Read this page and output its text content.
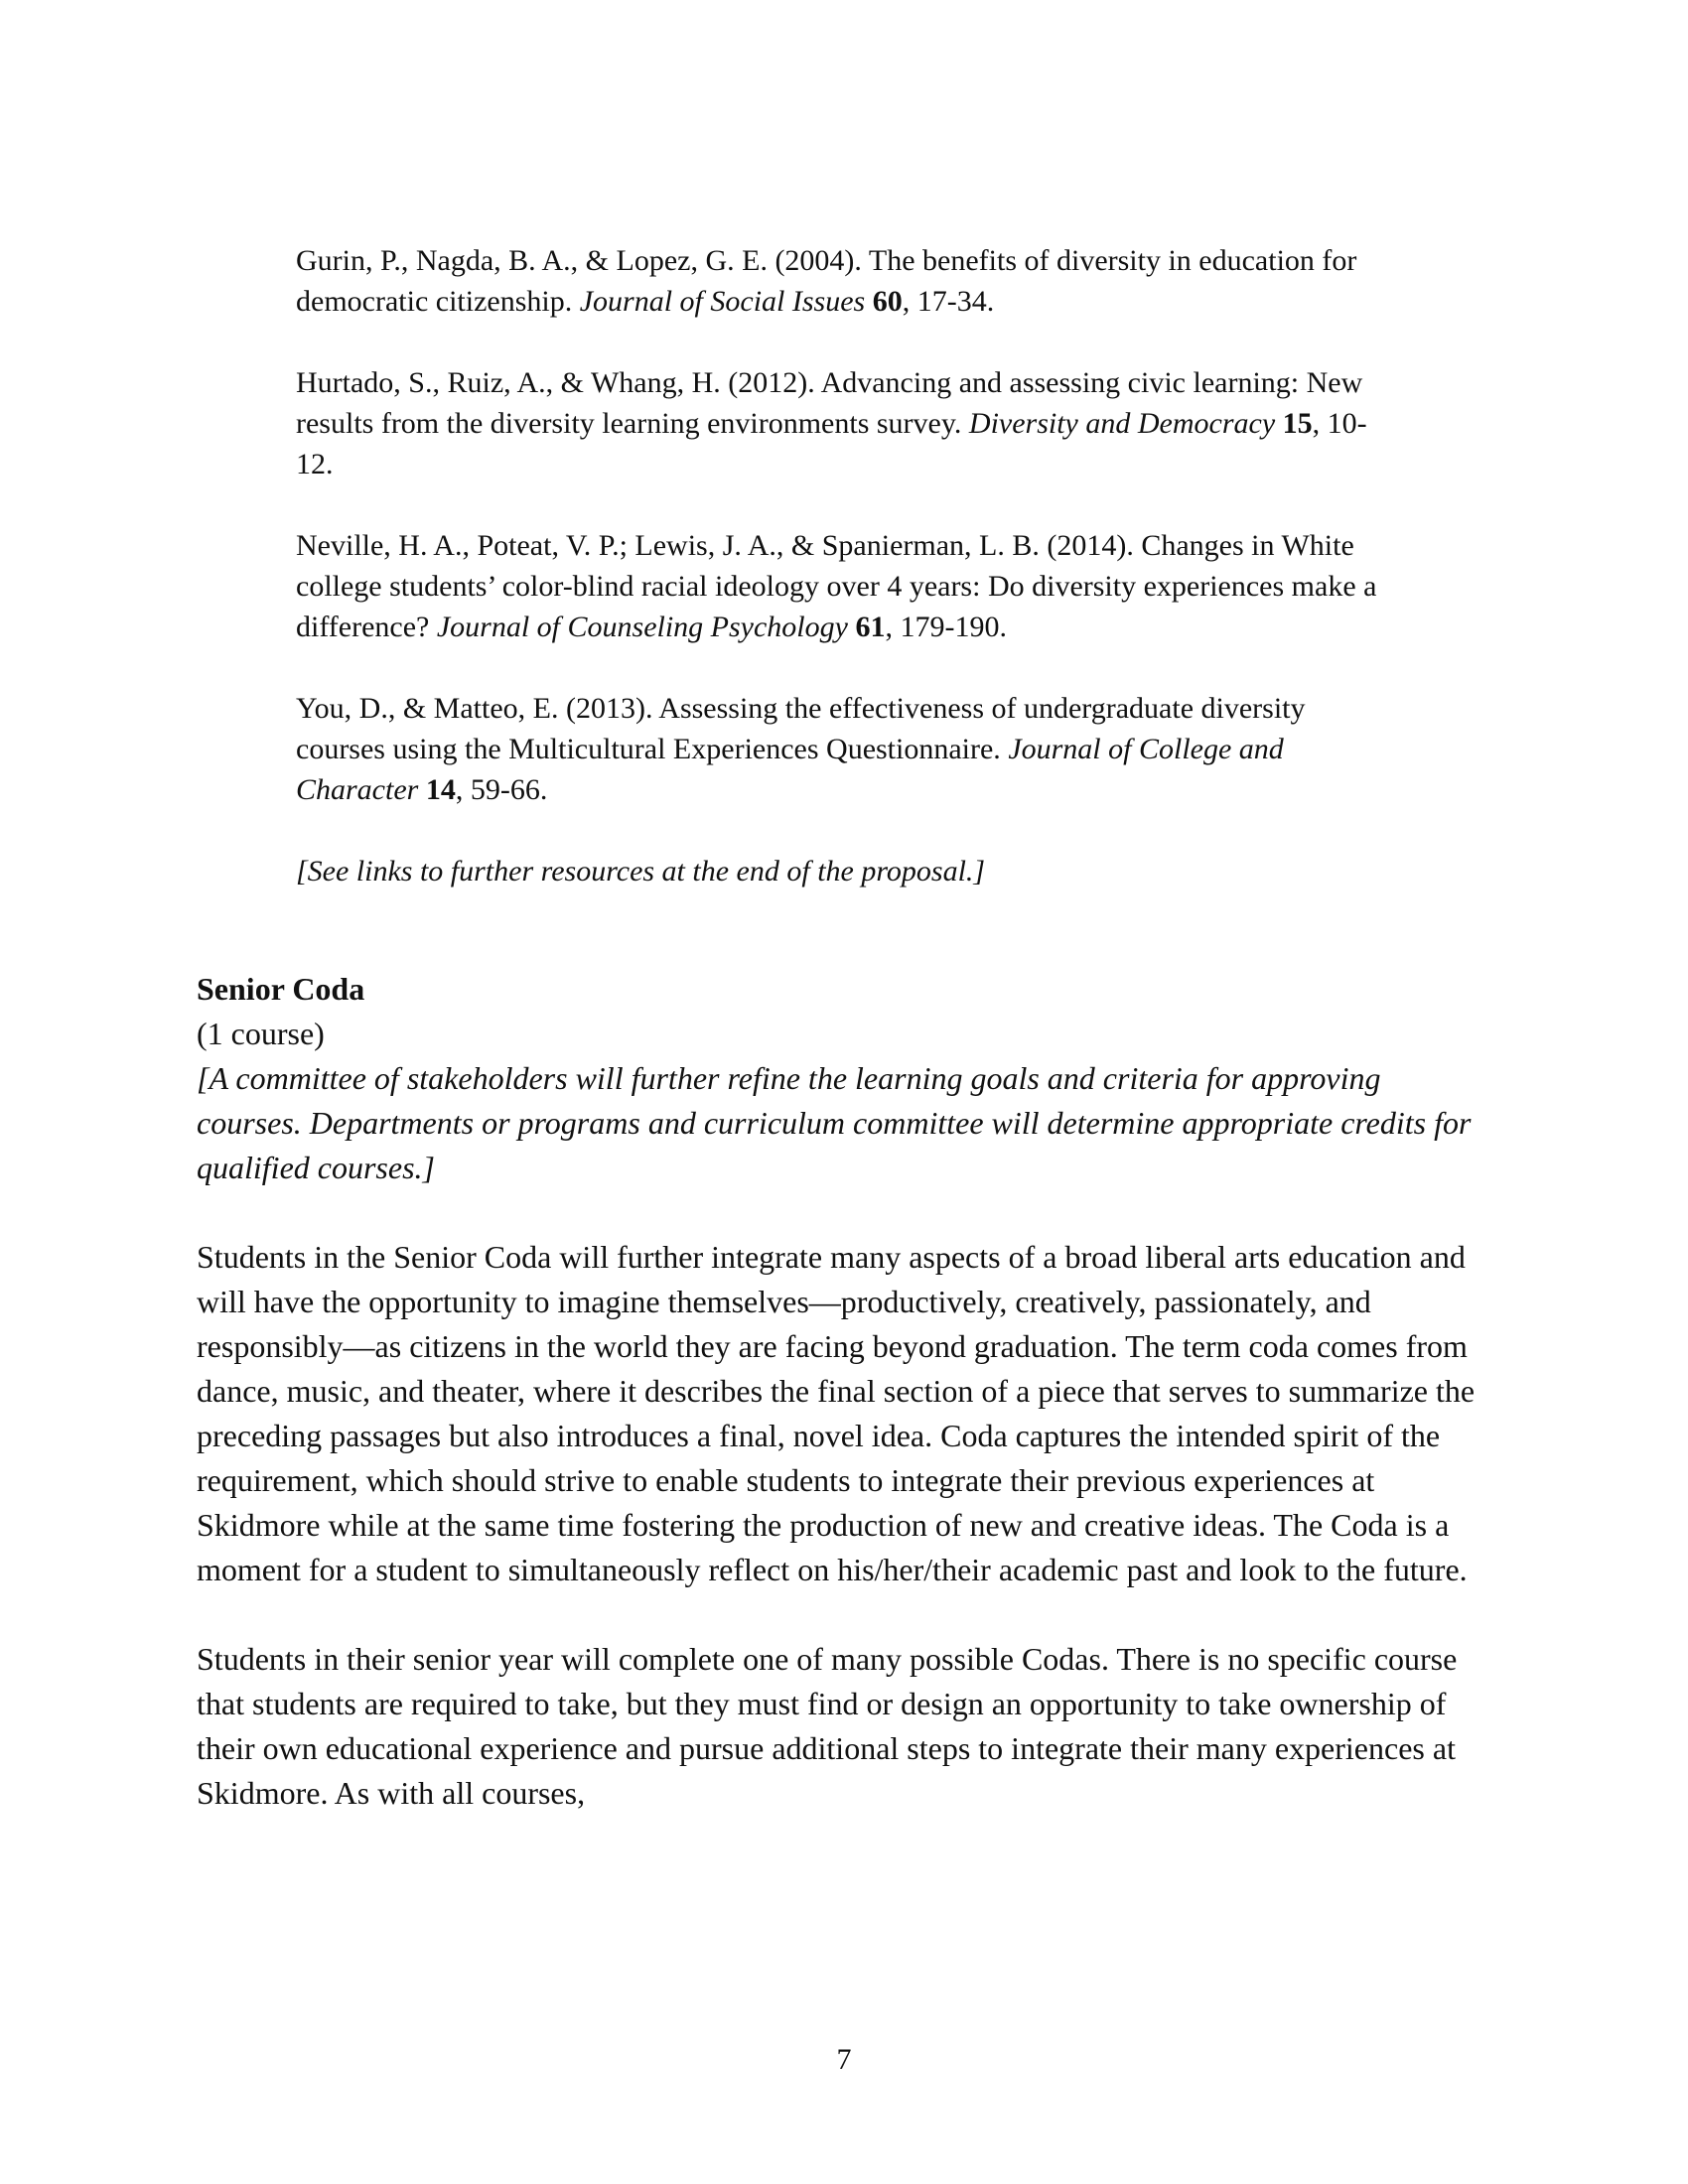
Gurin, P., Nagda, B. A., & Lopez, G. E. (2004). The benefits of diversity in education for democratic citizenship. Journal of Social Issues 60, 17-34.

Hurtado, S., Ruiz, A., & Whang, H. (2012). Advancing and assessing civic learning: New results from the diversity learning environments survey. Diversity and Democracy 15, 10-12.

Neville, H. A., Poteat, V. P.; Lewis, J. A., & Spanierman, L. B. (2014). Changes in White college students’ color-blind racial ideology over 4 years: Do diversity experiences make a difference? Journal of Counseling Psychology 61, 179-190.

You, D., & Matteo, E. (2013). Assessing the effectiveness of undergraduate diversity courses using the Multicultural Experiences Questionnaire. Journal of College and Character 14, 59-66.

[See links to further resources at the end of the proposal.]

Senior Coda

(1 course)

[A committee of stakeholders will further refine the learning goals and criteria for approving courses. Departments or programs and curriculum committee will determine appropriate credits for qualified courses.]

Students in the Senior Coda will further integrate many aspects of a broad liberal arts education and will have the opportunity to imagine themselves—productively, creatively, passionately, and responsibly—as citizens in the world they are facing beyond graduation. The term coda comes from dance, music, and theater, where it describes the final section of a piece that serves to summarize the preceding passages but also introduces a final, novel idea. Coda captures the intended spirit of the requirement, which should strive to enable students to integrate their previous experiences at Skidmore while at the same time fostering the production of new and creative ideas. The Coda is a moment for a student to simultaneously reflect on his/her/their academic past and look to the future.

Students in their senior year will complete one of many possible Codas. There is no specific course that students are required to take, but they must find or design an opportunity to take ownership of their own educational experience and pursue additional steps to integrate their many experiences at Skidmore. As with all courses,

7
